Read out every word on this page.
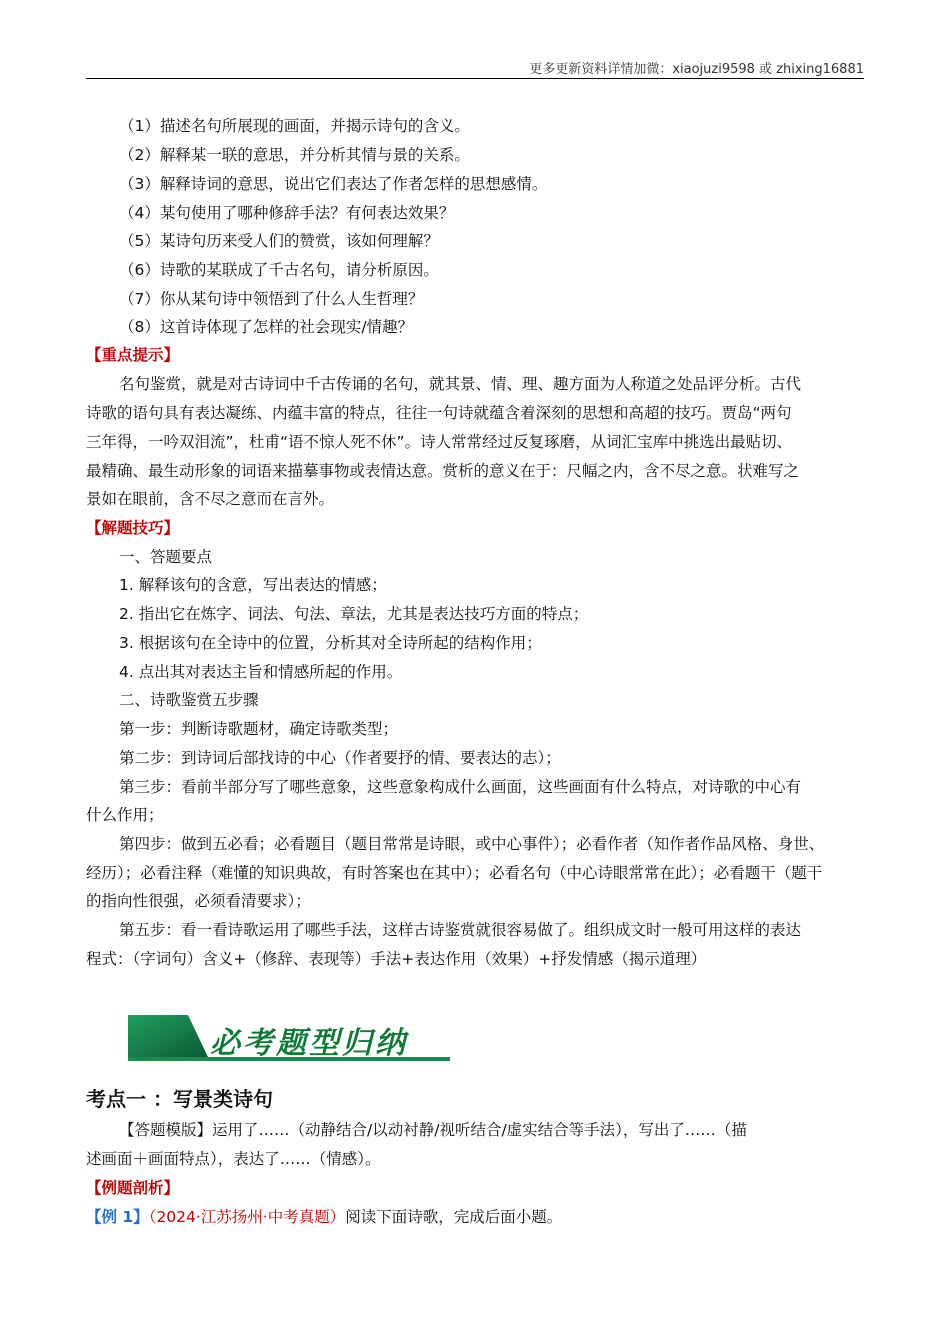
更多更新资料详情加微：xiaojuzi9598 或 zhixing16881
（1）描述名句所展现的画面，并揭示诗句的含义。
（2）解释某一联的意思，并分析其情与景的关系。
（3）解释诗词的意思，说出它们表达了作者怎样的思想感情。
（4）某句使用了哪种修辞手法？有何表达效果？
（5）某诗句历来受人们的赞赏，该如何理解？
（6）诗歌的某联成了千古名句，请分析原因。
（7）你从某句诗中领悟到了什么人生哲理？
（8）这首诗体现了怎样的社会现实/情趣？
【重点提示】
名句鉴赏，就是对古诗词中千古传诵的名句，就其景、情、理、趣方面为人称道之处品评分析。古代
诗歌的语句具有表达凝练、内蕴丰富的特点，往往一句诗就蕴含着深刻的思想和高超的技巧。贾岛“两句
三年得，一吟双泪流”，杜甫“语不惊人死不休”。诗人常常经过反复琢磨，从词汇宝库中挑选出最贴切、
最精确、最生动形象的词语来描摹事物或表情达意。赏析的意义在于：尺幅之内，含不尽之意。状难写之
景如在眼前，含不尽之意而在言外。
【解题技巧】
一、答题要点
1. 解释该句的含意，写出表达的情感；
2. 指出它在炼字、词法、句法、章法，尤其是表达技巧方面的特点；
3. 根据该句在全诗中的位置，分析其对全诗所起的结构作用；
4. 点出其对表达主旨和情感所起的作用。
二、诗歌鉴赏五步骤
第一步：判断诗歌题材，确定诗歌类型；
第二步：到诗词后部找诗的中心（作者要抒的情、要表达的志）；
第三步：看前半部分写了哪些意象，这些意象构成什么画面，这些画面有什么特点，对诗歌的中心有
什么作用；
第四步：做到五必看；必看题目（题目常常是诗眼，或中心事件）；必看作者（知作者作品风格、身世、
经历）；必看注释（难懂的知识典故，有时答案也在其中）；必看名句（中心诗眼常常在此）；必看题干（题干
的指向性很强，必须看清要求）；
第五步：看一看诗歌运用了哪些手法，这样古诗鉴赏就很容易做了。组织成文时一般可用这样的表达
程式：（字词句）含义+（修辞、表现等）手法+表达作用（效果）+抒发情感（揭示道理）
必考题型归纳
考点一 ：写景类诗句
【答题模版】运用了……（动静结合/以动衬静/视听结合/虚实结合等手法），写出了……（描
述画面＋画面特点），表达了……（情感）。
【例题剖析】
【例 1】（2024·江苏扬州·中考真题）阅读下面诗歌，完成后面小题。
